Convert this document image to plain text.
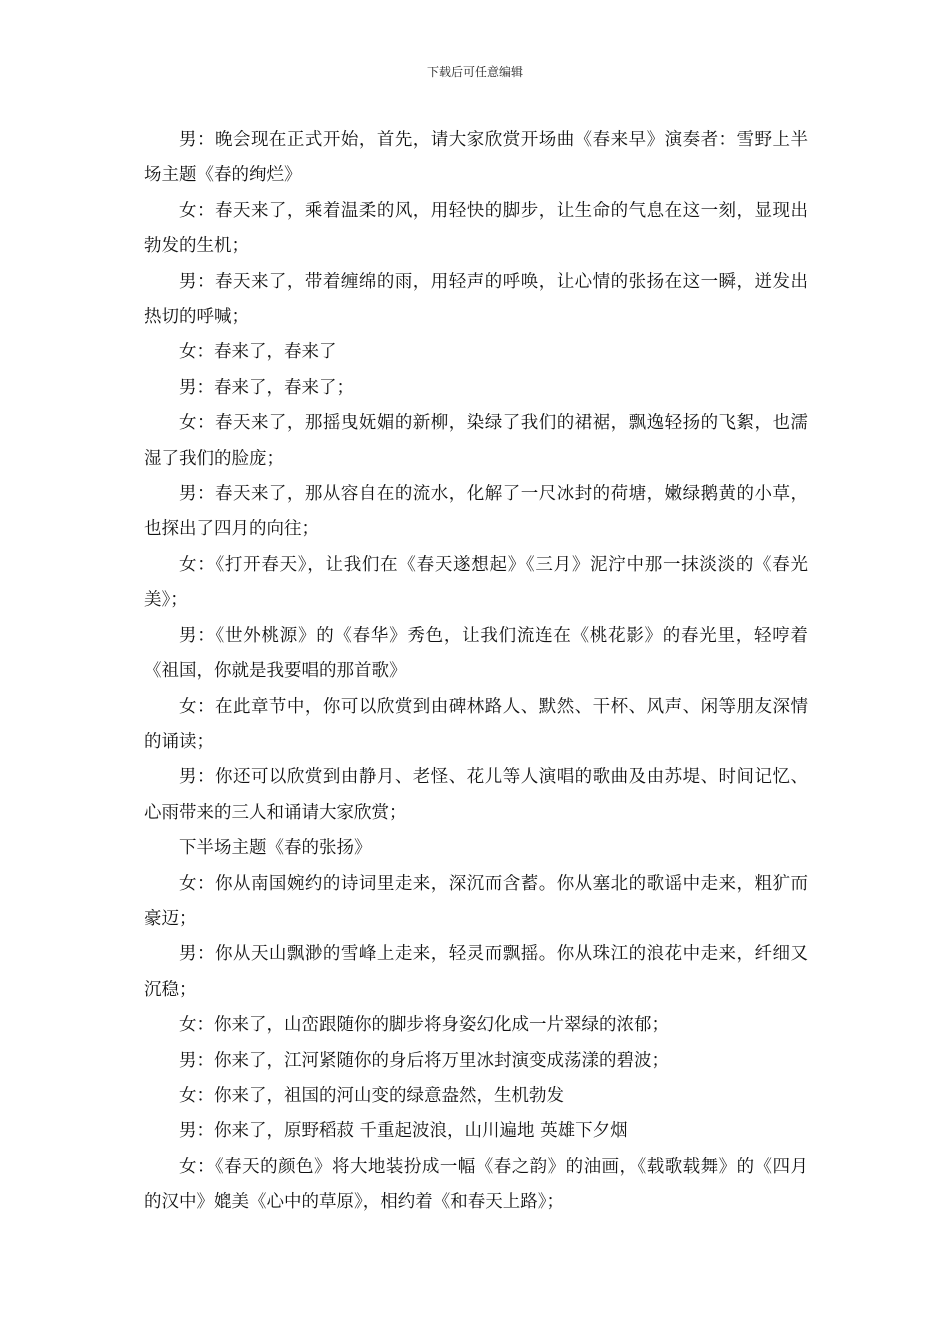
下载后可任意编辑

男：晚会现在正式开始，首先，请大家欣赏开场曲《春来早》演奏者：雪野上半场主题《春的绚烂》

女：春天来了，乘着温柔的风，用轻快的脚步，让生命的气息在这一刻，显现出勃发的生机；

男：春天来了，带着缠绵的雨，用轻声的呼唤，让心情的张扬在这一瞬，迸发出热切的呼喊；

女：春来了，春来了

男：春来了，春来了；

女：春天来了，那摇曳妩媚的新柳，染绿了我们的裙裾，飘逸轻扬的飞絮，也濡湿了我们的脸庞；

男：春天来了，那从容自在的流水，化解了一尺冰封的荷塘，嫩绿鹅黄的小草，也探出了四月的向往；

女：《打开春天》，让我们在《春天遂想起》《三月》泥泞中那一抹淡淡的《春光美》；

男：《世外桃源》的《春华》秀色，让我们流连在《桃花影》的春光里，轻哼着《祖国，你就是我要唱的那首歌》

女：在此章节中，你可以欣赏到由碑林路人、默然、干杯、风声、闲等朋友深情的诵读；

男：你还可以欣赏到由静月、老怪、花儿等人演唱的歌曲及由苏堤、时间记忆、心雨带来的三人和诵请大家欣赏；

下半场主题《春的张扬》

女：你从南国婉约的诗词里走来，深沉而含蓄。你从塞北的歌谣中走来，粗犷而豪迈；

男：你从天山飘渺的雪峰上走来，轻灵而飘摇。你从珠江的浪花中走来，纤细又沉稳；

女：你来了，山峦跟随你的脚步将身姿幻化成一片翠绿的浓郁；

男：你来了，江河紧随你的身后将万里冰封演变成荡漾的碧波；

女：你来了，祖国的河山变的绿意盎然，生机勃发

男：你来了，原野稻菽 千重起波浪，山川遍地 英雄下夕烟

女：《春天的颜色》将大地装扮成一幅《春之韵》的油画，《载歌载舞》的《四月的汉中》媲美《心中的草原》，相约着《和春天上路》；
